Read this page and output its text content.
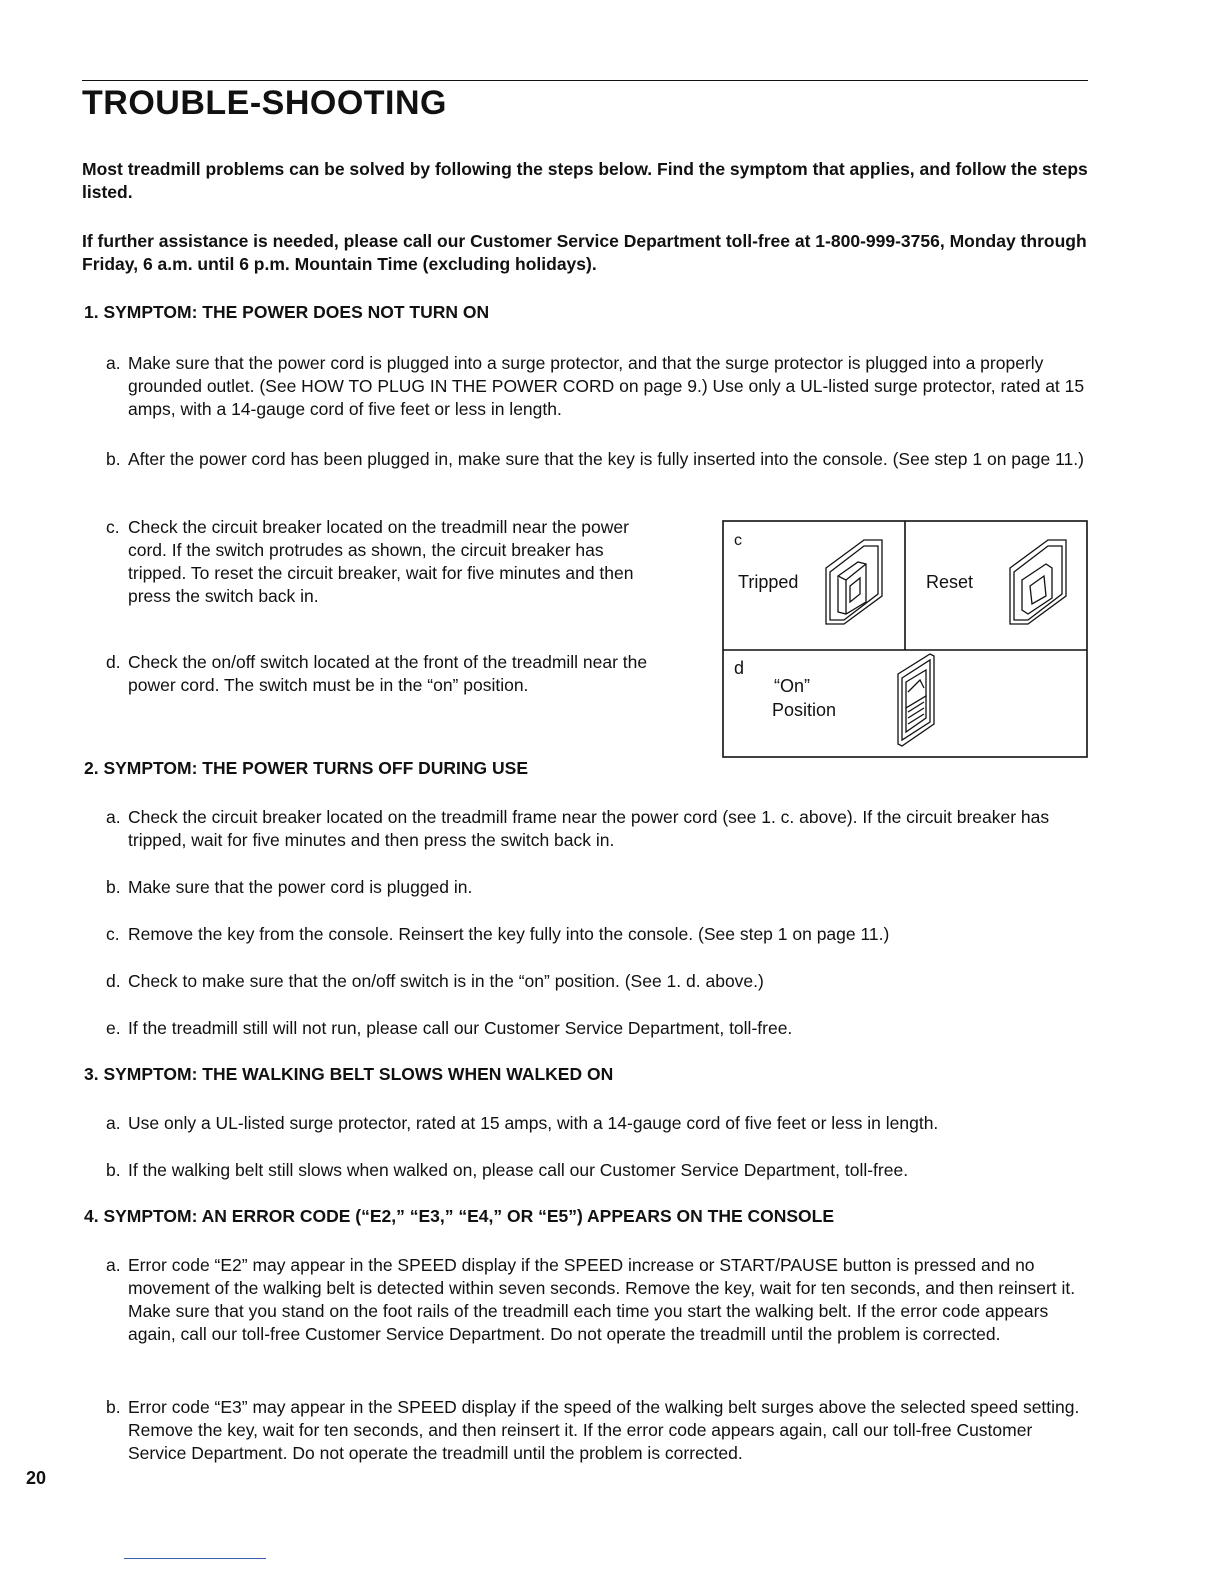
TROUBLE-SHOOTING

Most treadmill problems can be solved by following the steps below. Find the symptom that applies, and follow the steps listed.

If further assistance is needed, please call our Customer Service Department toll-free at 1-800-999-3756, Monday through Friday, 6 a.m. until 6 p.m. Mountain Time (excluding holidays).

1. SYMPTOM: THE POWER DOES NOT TURN ON

a. Make sure that the power cord is plugged into a surge protector, and that the surge protector is plugged into a properly grounded outlet. (See HOW TO PLUG IN THE POWER CORD on page 9.) Use only a UL-listed surge protector, rated at 15 amps, with a 14-gauge cord of five feet or less in length.
b. After the power cord has been plugged in, make sure that the key is fully inserted into the console. (See step 1 on page 11.)
c. Check the circuit breaker located on the treadmill near the power cord. If the switch protrudes as shown, the circuit breaker has tripped. To reset the circuit breaker, wait for five minutes and then press the switch back in.
d. Check the on/off switch located at the front of the treadmill near the power cord. The switch must be in the “on” position.
c
Tripped	Reset
d
“On”
Position

2. SYMPTOM: THE POWER TURNS OFF DURING USE

a. Check the circuit breaker located on the treadmill frame near the power cord (see 1. c. above). If the circuit breaker has tripped, wait for five minutes and then press the switch back in.
b. Make sure that the power cord is plugged in.
c. Remove the key from the console. Reinsert the key fully into the console. (See step 1 on page 11.)
d. Check to make sure that the on/off switch is in the “on” position. (See 1. d. above.)
e. If the treadmill still will not run, please call our Customer Service Department, toll-free.

3. SYMPTOM: THE WALKING BELT SLOWS WHEN WALKED ON

a. Use only a UL-listed surge protector, rated at 15 amps, with a 14-gauge cord of five feet or less in length.
b. If the walking belt still slows when walked on, please call our Customer Service Department, toll-free.

4. SYMPTOM: AN ERROR CODE (“E2,” “E3,” “E4,” OR “E5”) APPEARS ON THE CONSOLE

a. Error code “E2” may appear in the SPEED display if the SPEED increase or START/PAUSE button is pressed and no movement of the walking belt is detected within seven seconds. Remove the key, wait for ten seconds, and then reinsert it. Make sure that you stand on the foot rails of the treadmill each time you start the walking belt. If the error code appears again, call our toll-free Customer Service Department. Do not operate the treadmill until the problem is corrected.
b. Error code “E3” may appear in the SPEED display if the speed of the walking belt surges above the selected speed setting. Remove the key, wait for ten seconds, and then reinsert it. If the error code appears again, call our toll-free Customer Service Department. Do not operate the treadmill until the problem is corrected.
20
